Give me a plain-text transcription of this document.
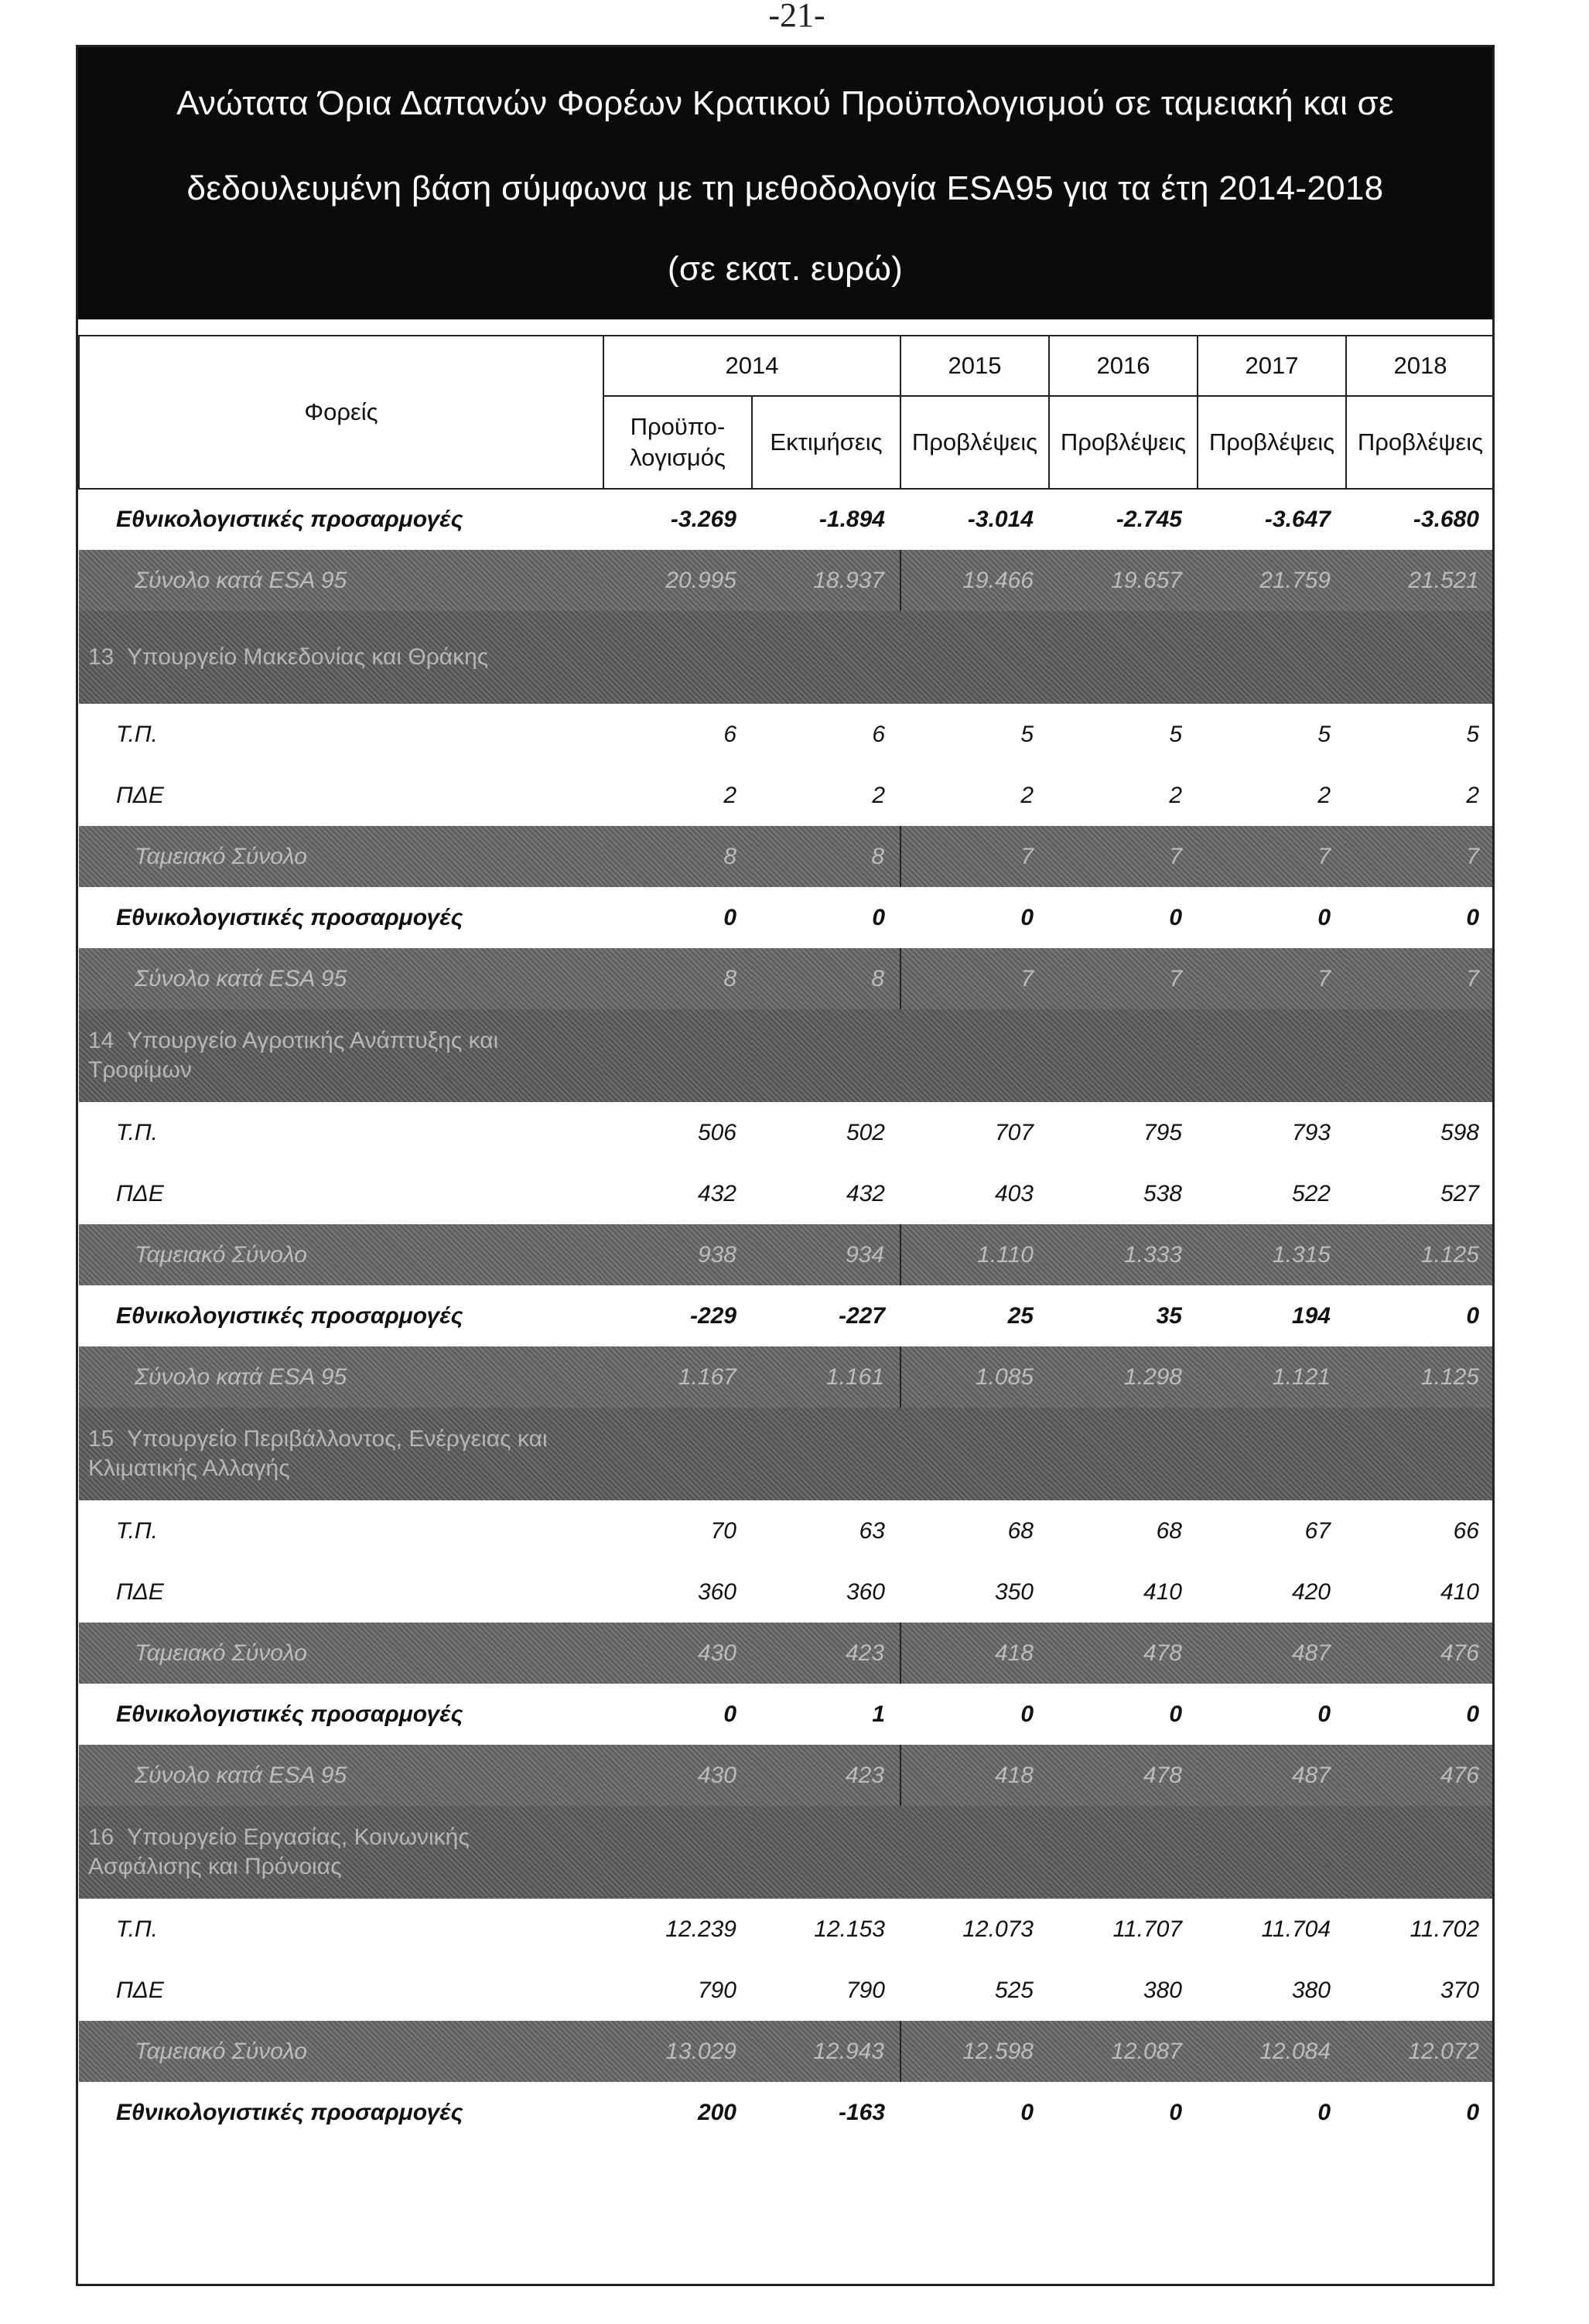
-21-
Ανώτατα Όρια Δαπανών Φορέων Κρατικού Προϋπολογισμού σε ταμειακή και σε
δεδουλευμένη βάση σύμφωνα με τη μεθοδολογία ESA95 για τα έτη 2014-2018
(σε εκατ. ευρώ)
Φορείς	2014		2015	2016	2017	2018
	Προϋπο-λογισμός	Εκτιμήσεις	Προβλέψεις	Προβλέψεις	Προβλέψεις	Προβλέψεις
Εθνικολογιστικές προσαρμογές	-3.269	-1.894	-3.014	-2.745	-3.647	-3.680
Σύνολο κατά ESA 95	20.995	18.937	19.466	19.657	21.759	21.521
13 Υπουργείο Μακεδονίας και Θράκης						
Τ.Π.	6	6	5	5	5	5
ΠΔΕ	2	2	2	2	2	2
Ταμειακό Σύνολο	8	8	7	7	7	7
Εθνικολογιστικές προσαρμογές	0	0	0	0	0	0
Σύνολο κατά ESA 95	8	8	7	7	7	7
14 Υπουργείο Αγροτικής Ανάπτυξης και Τροφίμων						
Τ.Π.	506	502	707	795	793	598
ΠΔΕ	432	432	403	538	522	527
Ταμειακό Σύνολο	938	934	1.110	1.333	1.315	1.125
Εθνικολογιστικές προσαρμογές	-229	-227	25	35	194	0
Σύνολο κατά ESA 95	1.167	1.161	1.085	1.298	1.121	1.125
15 Υπουργείο Περιβάλλοντος, Ενέργειας και Κλιματικής Αλλαγής						
Τ.Π.	70	63	68	68	67	66
ΠΔΕ	360	360	350	410	420	410
Ταμειακό Σύνολο	430	423	418	478	487	476
Εθνικολογιστικές προσαρμογές	0	1	0	0	0	0
Σύνολο κατά ESA 95	430	423	418	478	487	476
16 Υπουργείο Εργασίας, Κοινωνικής Ασφάλισης και Πρόνοιας						
Τ.Π.	12.239	12.153	12.073	11.707	11.704	11.702
ΠΔΕ	790	790	525	380	380	370
Ταμειακό Σύνολο	13.029	12.943	12.598	12.087	12.084	12.072
Εθνικολογιστικές προσαρμογές	200	-163	0	0	0	0
